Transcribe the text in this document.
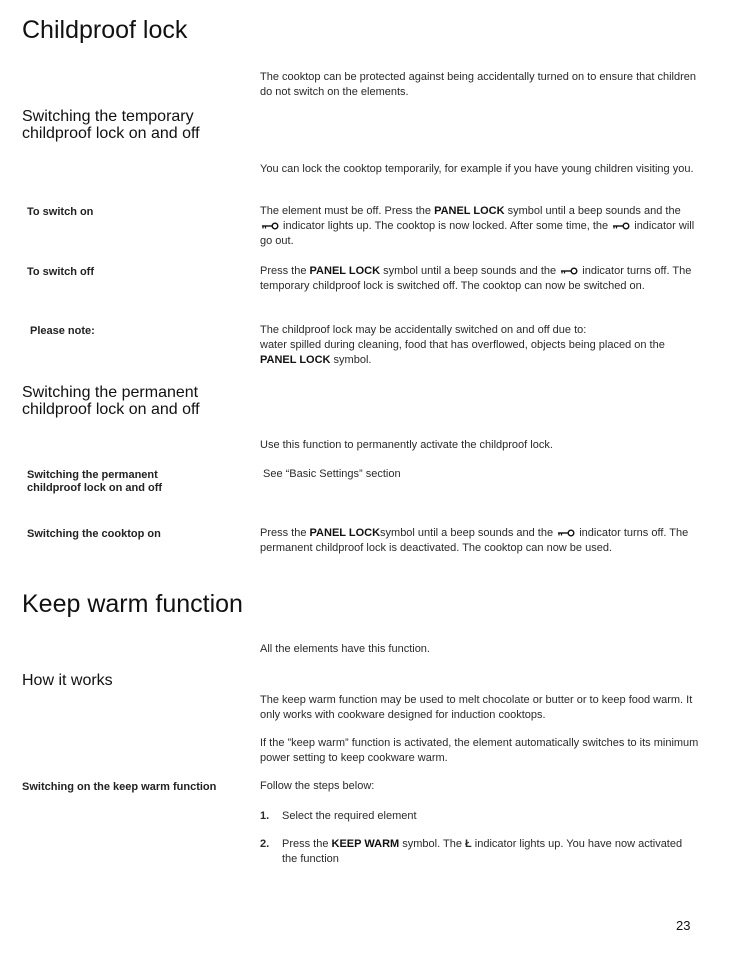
Childproof lock
The cooktop can be protected against being accidentally turned on to ensure that children do not switch on the elements.
Switching the temporary childproof lock on and off
You can lock the cooktop temporarily, for example if you have young children visiting you.
To switch on	The element must be off. Press the PANEL LOCK symbol until a beep sounds and the
indicator lights up. The cooktop is now locked. After some time, the
indicator will go out.
To switch off	Press the PANEL LOCK symbol until a beep sounds and the
indicator turns off. The temporary childproof lock is switched off. The cooktop can now be switched on.
Please note:	The childproof lock may be accidentally switched on and off due to:
water spilled during cleaning, food that has overflowed, objects being placed on the PANEL LOCK symbol.
Switching the permanent childproof lock on and off
Use this function to permanently activate the childproof lock.
Switching the permanent childproof lock on and off
See “Basic Settings” section
Switching the cooktop on	Press the PANEL LOCKsymbol until a beep sounds and the
indicator turns off. The permanent childproof lock is deactivated. The cooktop can now be used.
Keep warm function
All the elements have this function.
How it works
The keep warm function may be used to melt chocolate or butter or to keep food warm. It only works with cookware designed for induction cooktops.
If the ”keep warm” function is activated, the element automatically switches to its minimum power setting to keep cookware warm.
Switching on the keep warm function	Follow the steps below:
1. Select the required element
2. Press the KEEP WARM symbol. The Ł indicator lights up. You have now activated the function
23
